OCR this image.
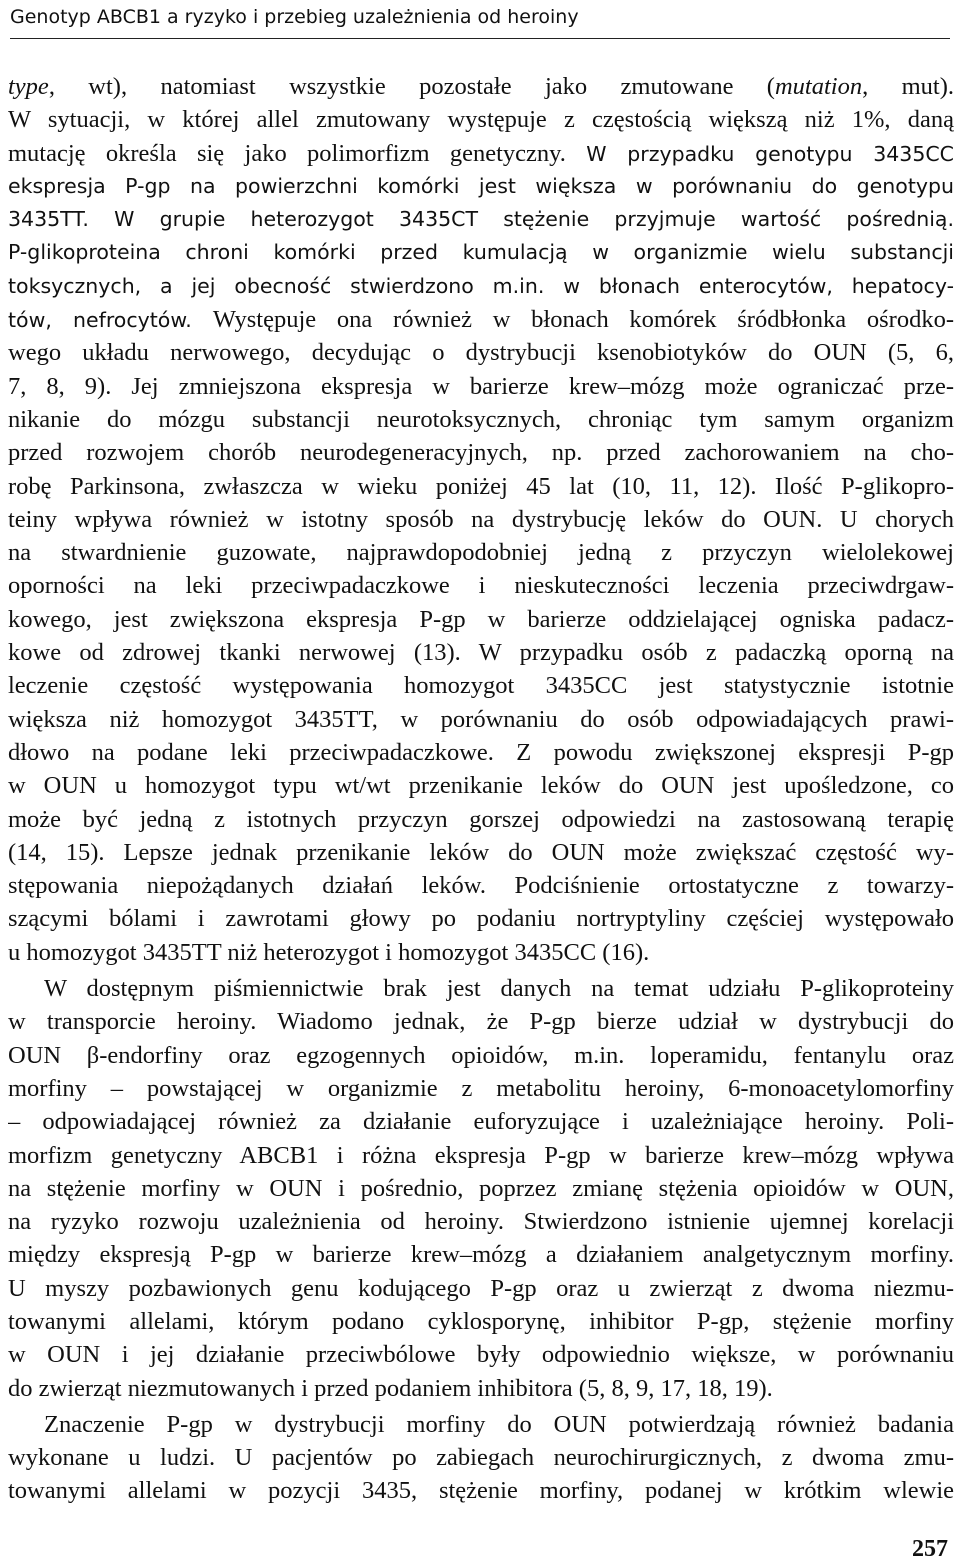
Genotyp ABCB1 a ryzyko i przebieg uzależnienia od heroiny
type, wt), natomiast wszystkie pozostałe jako zmutowane (mutation, mut).
W sytuacji, w której allel zmutowany występuje z częstością większą niż 1%, daną
mutację określa się jako polimorfizm genetyczny. W przypadku genotypu 3435CC
ekspresja P-gp na powierzchni komórki jest większa w porównaniu do genotypu
3435TT. W grupie heterozygot 3435CT stężenie przyjmuje wartość pośrednią.
P-glikoproteina chroni komórki przed kumulacją w organizmie wielu substancji
toksycznych, a jej obecność stwierdzono m.in. w błonach enterocytów, hepatocy-
tów, nefrocytów. Występuje ona również w błonach komórek śródbłonka ośrodko-
wego układu nerwowego, decydując o dystrybucji ksenobiotyków do OUN (5, 6,
7, 8, 9). Jej zmniejszona ekspresja w barierze krew–mózg może ograniczać prze-
nikanie do mózgu substancji neurotoksycznych, chroniąc tym samym organizm
przed rozwojem chorób neurodegeneracyjnych, np. przed zachorowaniem na cho-
robę Parkinsona, zwłaszcza w wieku poniżej 45 lat (10, 11, 12). Ilość P-glikopro-
teiny wpływa również w istotny sposób na dystrybucję leków do OUN. U chorych
na stwardnienie guzowate, najprawdopodobniej jedną z przyczyn wielolekowej
oporności na leki przeciwpadaczkowe i nieskuteczności leczenia przeciwdrgaw-
kowego, jest zwiększona ekspresja P-gp w barierze oddzielającej ogniska padacz-
kowe od zdrowej tkanki nerwowej (13). W przypadku osób z padaczką oporną na
leczenie częstość występowania homozygot 3435CC jest statystycznie istotnie
większa niż homozygot 3435TT, w porównaniu do osób odpowiadających prawi-
dłowo na podane leki przeciwpadaczkowe. Z powodu zwiększonej ekspresji P-gp
w OUN u homozygot typu wt/wt przenikanie leków do OUN jest upośledzone, co
może być jedną z istotnych przyczyn gorszej odpowiedzi na zastosowaną terapię
(14, 15). Lepsze jednak przenikanie leków do OUN może zwiększać częstość wy-
stępowania niepożądanych działań leków. Podciśnienie ortostatyczne z towarzy-
szącymi bólami i zawrotami głowy po podaniu nortryptyliny częściej występowało
u homozygot 3435TT niż heterozygot i homozygot 3435CC (16).
W dostępnym piśmiennictwie brak jest danych na temat udziału P-glikoproteiny
w transporcie heroiny. Wiadomo jednak, że P-gp bierze udział w dystrybucji do
OUN β-endorfiny oraz egzogennych opioidów, m.in. loperamidu, fentanylu oraz
morfiny – powstającej w organizmie z metabolitu heroiny, 6-monoacetylomorfiny
– odpowiadającej również za działanie euforyzujące i uzależniające heroiny. Poli-
morfizm genetyczny ABCB1 i różna ekspresja P-gp w barierze krew–mózg wpływa
na stężenie morfiny w OUN i pośrednio, poprzez zmianę stężenia opioidów w OUN,
na ryzyko rozwoju uzależnienia od heroiny. Stwierdzono istnienie ujemnej korelacji
między ekspresją P-gp w barierze krew–mózg a działaniem analgetycznym morfiny.
U myszy pozbawionych genu kodującego P-gp oraz u zwierząt z dwoma niezmu-
towanymi allelami, którym podano cyklosporynę, inhibitor P-gp, stężenie morfiny
w OUN i jej działanie przeciwbólowe były odpowiednio większe, w porównaniu
do zwierząt niezmutowanych i przed podaniem inhibitora (5, 8, 9, 17, 18, 19).
Znaczenie P-gp w dystrybucji morfiny do OUN potwierdzają również badania
wykonane u ludzi. U pacjentów po zabiegach neurochirurgicznych, z dwoma zmu-
towanymi allelami w pozycji 3435, stężenie morfiny, podanej w krótkim wlewie
257
